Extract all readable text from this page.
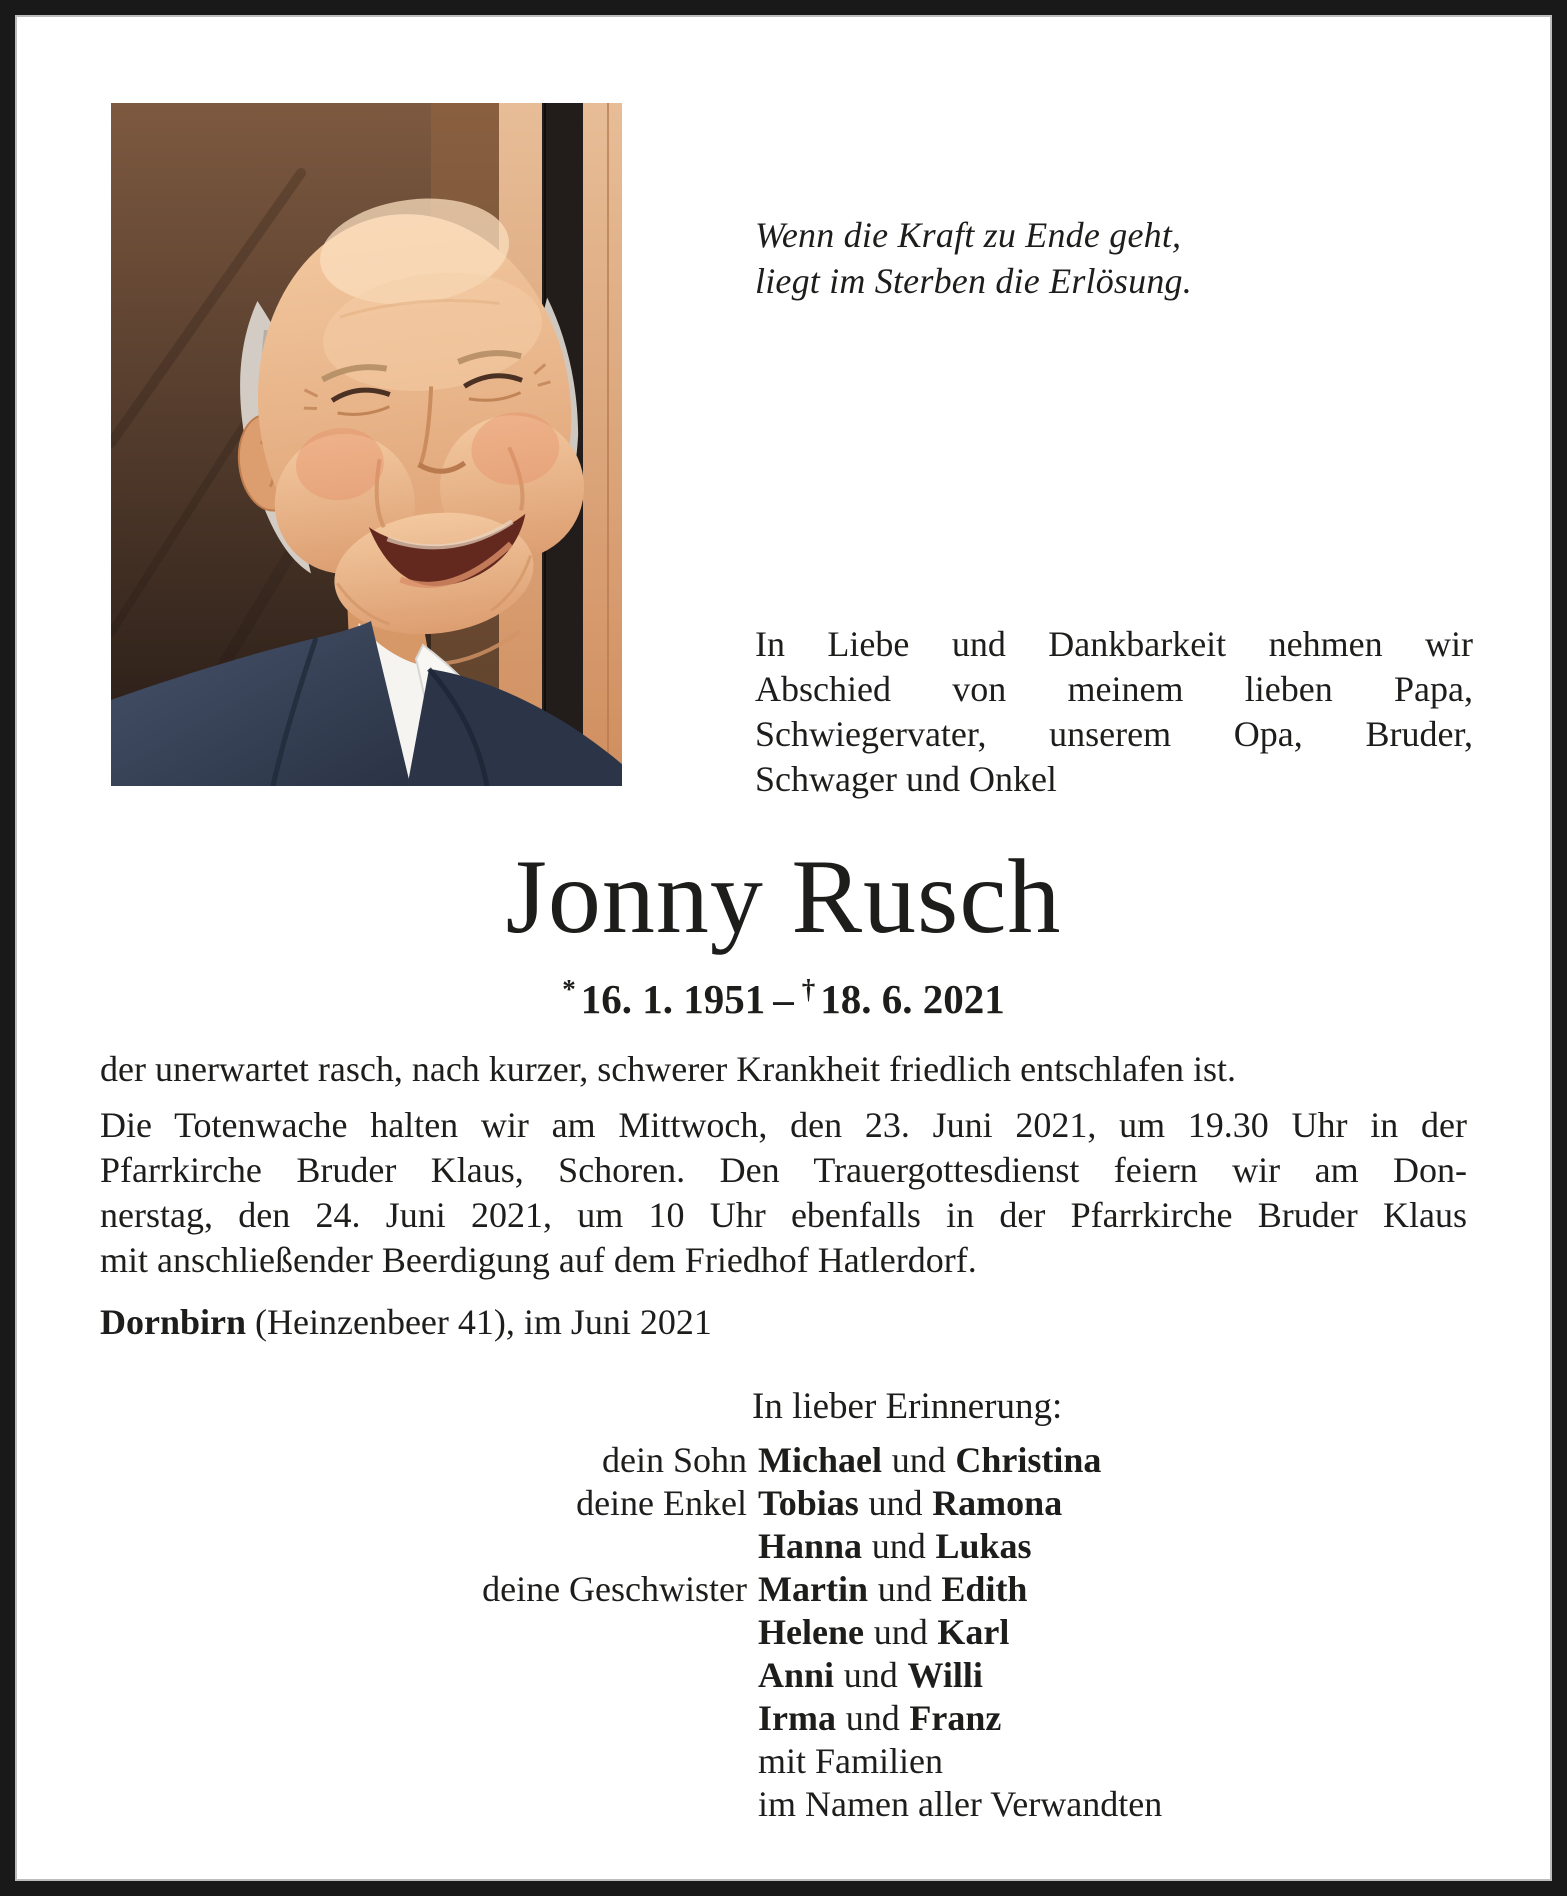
Wenn die Kraft zu Ende geht,
liegt im Sterben die Erlösung.
In Liebe und Dankbarkeit nehmen wir
Abschied von meinem lieben Papa,
Schwiegervater, unserem Opa, Bruder,
Schwager und Onkel
Jonny Rusch
* 16. 1. 1951 – † 18. 6. 2021
der unerwartet rasch, nach kurzer, schwerer Krankheit friedlich entschlafen ist.
Die Totenwache halten wir am Mittwoch, den 23. Juni 2021, um 19.30 Uhr in der
Pfarrkirche Bruder Klaus, Schoren. Den Trauergottesdienst feiern wir am Don-
nerstag, den 24. Juni 2021, um 10 Uhr ebenfalls in der Pfarrkirche Bruder Klaus
mit anschließender Beerdigung auf dem Friedhof Hatlerdorf.
Dornbirn (Heinzenbeer 41), im Juni 2021
In lieber Erinnerung:
dein Sohn Michael und Christina
deine Enkel Tobias und Ramona
Hanna und Lukas
deine Geschwister Martin und Edith
Helene und Karl
Anni und Willi
Irma und Franz
mit Familien
im Namen aller Verwandten
